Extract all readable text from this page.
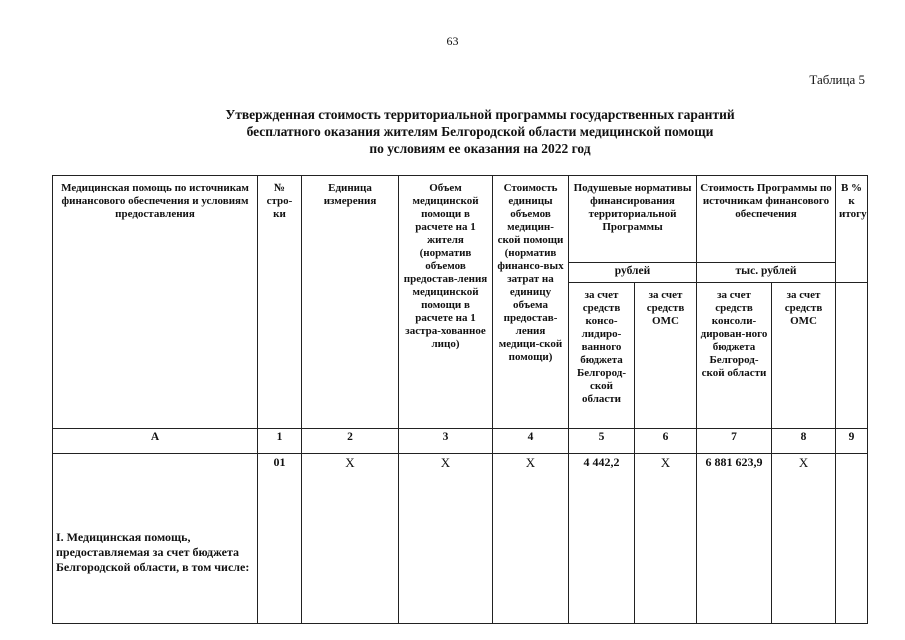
63
Таблица 5
Утвержденная стоимость территориальной программы государственных гарантий
бесплатного оказания жителям Белгородской области медицинской помощи
по условиям ее оказания на 2022 год
Медицинская помощь по источникам финансового обеспечения и условиям предоставления	№ стро-ки	Единица измерения	Объем медицинской помощи в расчете на 1 жителя (норматив объемов предостав-ления медицинской помощи в расчете на 1 застра-хованное лицо)	Стоимость единицы объемов медицин-ской помощи (норматив финансо-вых затрат на единицу объема предостав-ления медици-ской помощи)	Подушевые нормативы финансирования территориальной Программы		Стоимость Программы по источникам финансового обеспечения		В % к итогу
					рублей		тыс. рублей		
					за счет средств консо-лидиро-ванного бюджета Белгород-ской области	за счет средств ОМС	за счет средств консоли-дирован-ного бюджета Белгород-ской области	за счет средств ОМС	
А	1	2	3	4	5	6	7	8	9
I. Медицинская помощь, предоставляемая за счет бюджета Белгородской области, в том числе:	01	Х	Х	Х	4 442,2	Х	6 881 623,9	Х	
